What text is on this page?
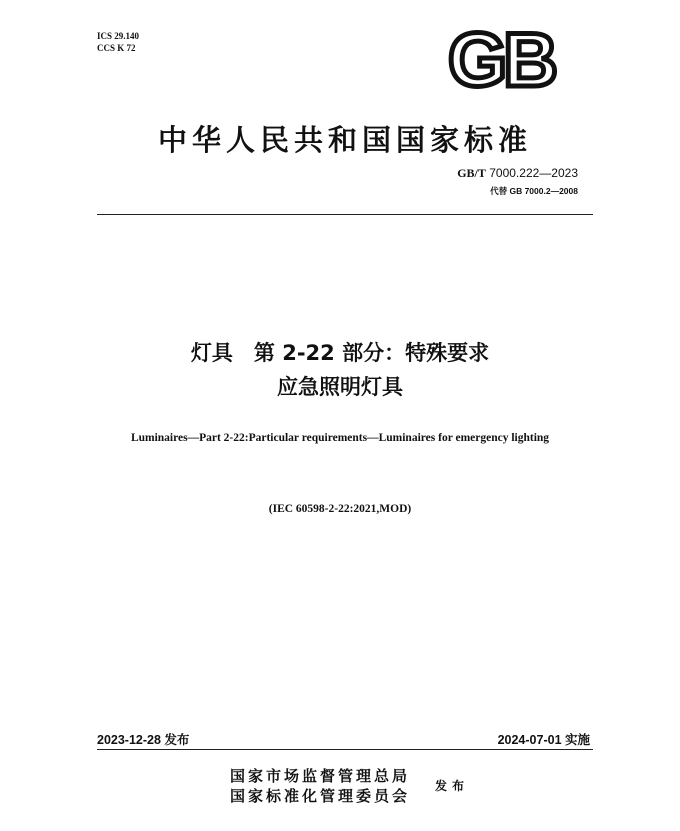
ICS 29.140
CCS K 72	GB
中华人民共和国国家标准
GB/T 7000.222—2023
代替 GB 7000.2—2008
灯具　第 2-22 部分：特殊要求
应急照明灯具
Luminaires—Part 2-22:Particular requirements—Luminaires for emergency lighting
(IEC 60598-2-22:2021,MOD)
2023-12-28 发布	2024-07-01 实施
国家市场监督管理总局
国家标准化管理委员会
发布
